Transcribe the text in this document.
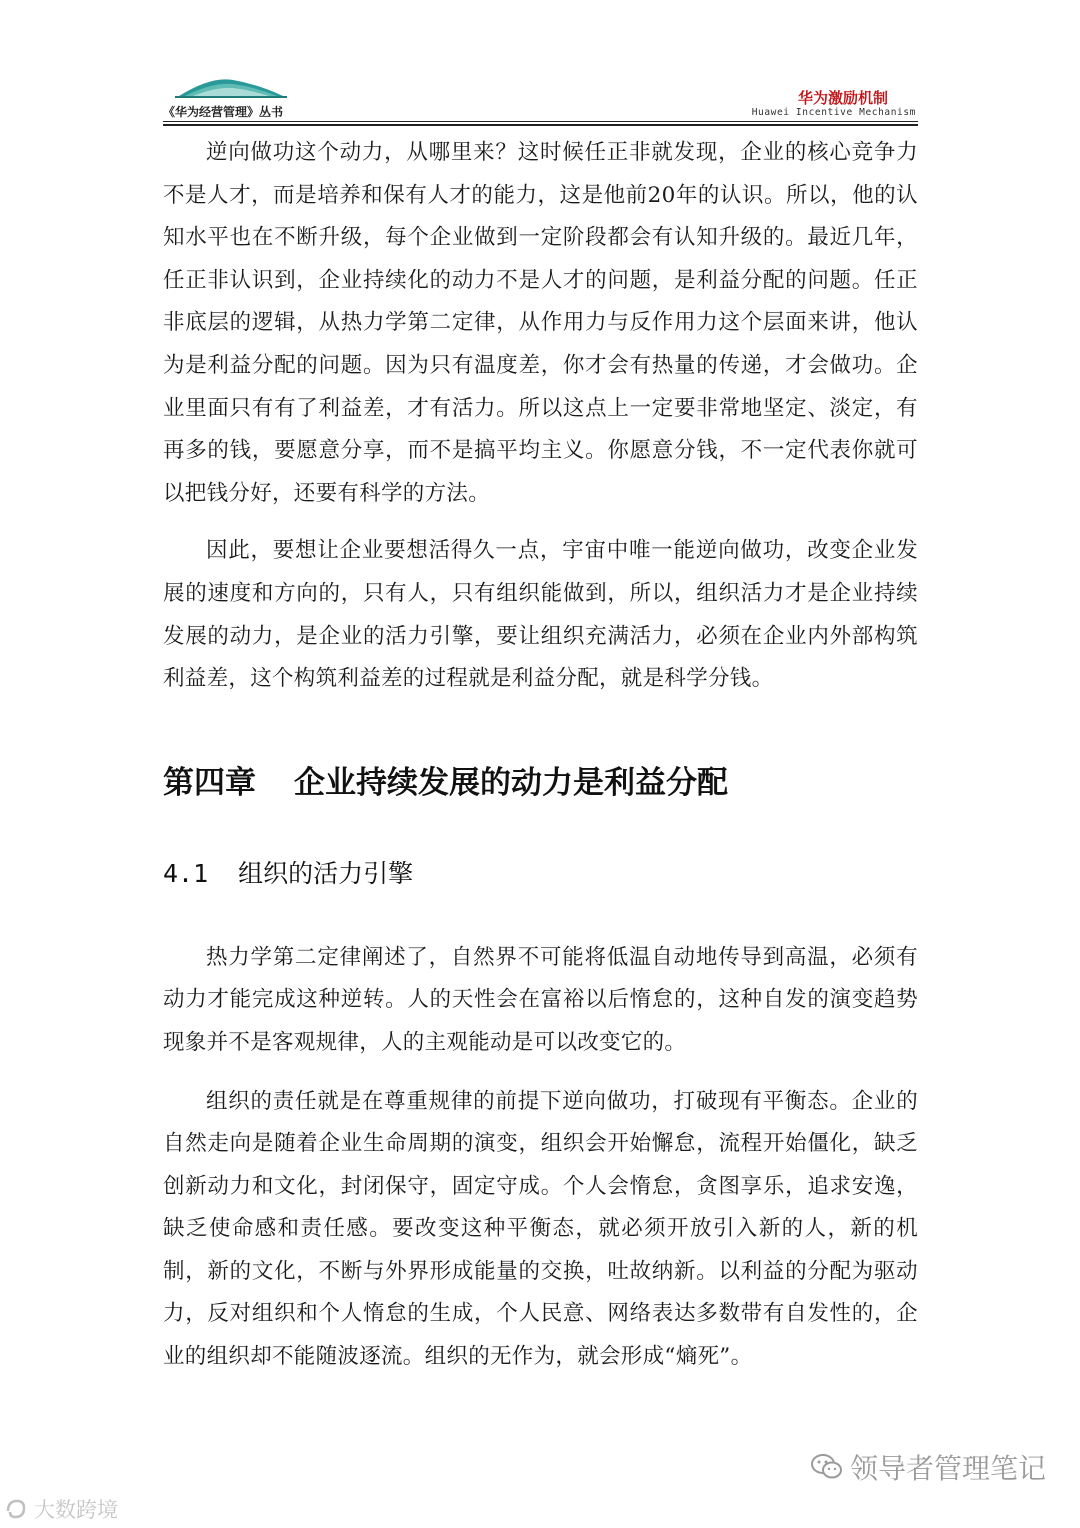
《华为经营管理》丛书
华为激励机制
Huawei Incentive Mechanism

逆向做功这个动力，从哪里来？这时候任正非就发现，企业的核心竞争力不是人才，而是培养和保有人才的能力，这是他前20年的认识。所以，他的认知水平也在不断升级，每个企业做到一定阶段都会有认知升级的。最近几年，任正非认识到，企业持续化的动力不是人才的问题，是利益分配的问题。任正非底层的逻辑，从热力学第二定律，从作用力与反作用力这个层面来讲，他认为是利益分配的问题。因为只有温度差，你才会有热量的传递，才会做功。企业里面只有有了利益差，才有活力。所以这点上一定要非常地坚定、淡定，有再多的钱，要愿意分享，而不是搞平均主义。你愿意分钱，不一定代表你就可以把钱分好，还要有科学的方法。

因此，要想让企业要想活得久一点，宇宙中唯一能逆向做功，改变企业发展的速度和方向的，只有人，只有组织能做到，所以，组织活力才是企业持续发展的动力，是企业的活力引擎，要让组织充满活力，必须在企业内外部构筑利益差，这个构筑利益差的过程就是利益分配，就是科学分钱。

第四章 企业持续发展的动力是利益分配
4.1 组织的活力引擎

热力学第二定律阐述了，自然界不可能将低温自动地传导到高温，必须有动力才能完成这种逆转。人的天性会在富裕以后惰怠的，这种自发的演变趋势现象并不是客观规律，人的主观能动是可以改变它的。

组织的责任就是在尊重规律的前提下逆向做功，打破现有平衡态。企业的自然走向是随着企业生命周期的演变，组织会开始懈怠，流程开始僵化，缺乏创新动力和文化，封闭保守，固定守成。个人会惰怠，贪图享乐，追求安逸，缺乏使命感和责任感。要改变这种平衡态，就必须开放引入新的人，新的机制，新的文化，不断与外界形成能量的交换，吐故纳新。以利益的分配为驱动力，反对组织和个人惰怠的生成，个人民意、网络表达多数带有自发性的，企业的组织却不能随波逐流。组织的无作为，就会形成“熵死”。

领导者管理笔记
大数跨境
